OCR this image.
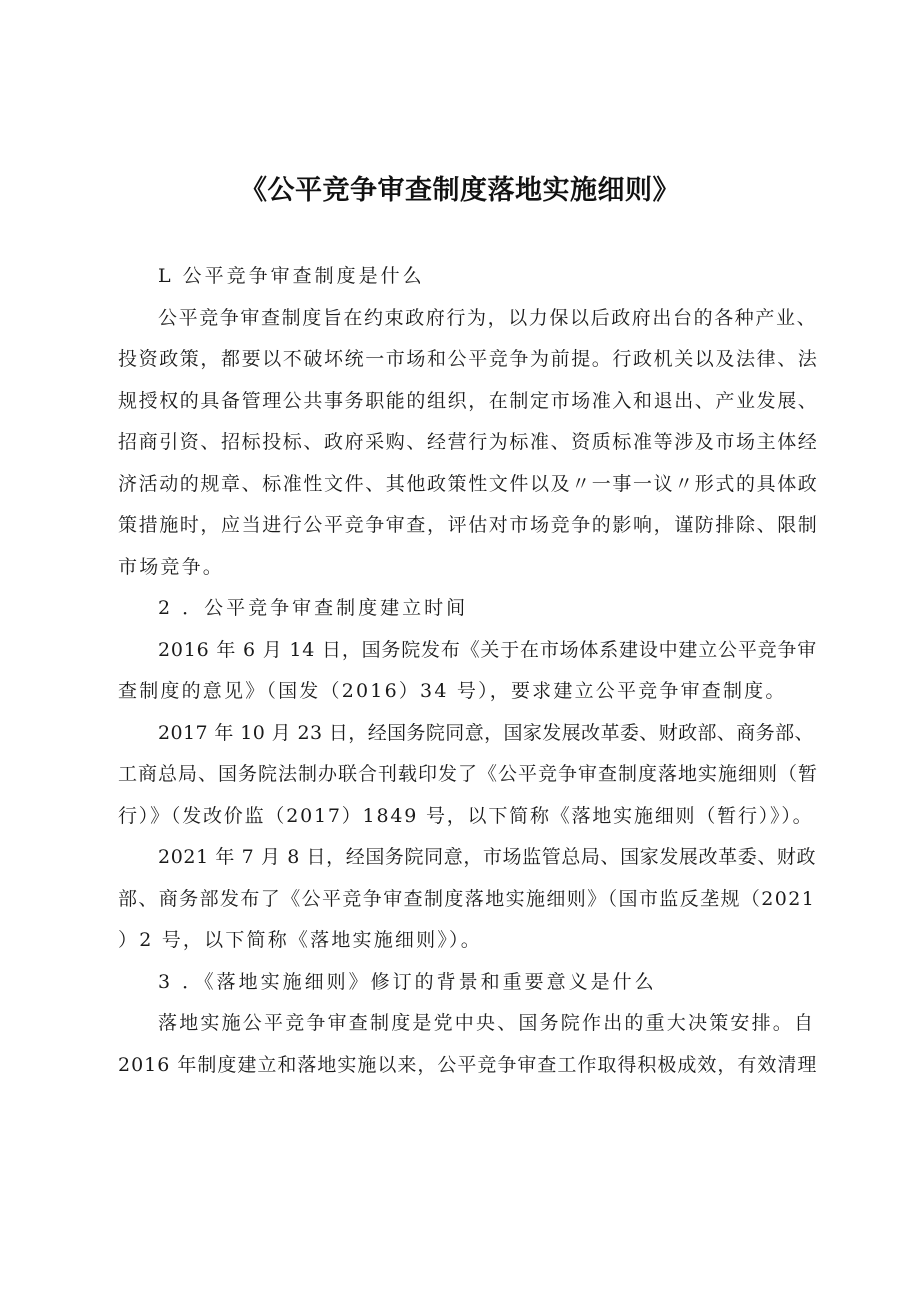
《公平竞争审查制度落地实施细则》
L 公平竞争审查制度是什么
公平竞争审查制度旨在约束政府行为，以力保以后政府出台的各种产业、
投资政策，都要以不破坏统一市场和公平竞争为前提。行政机关以及法律、法
规授权的具备管理公共事务职能的组织，在制定市场准入和退出、产业发展、
招商引资、招标投标、政府采购、经营行为标准、资质标准等涉及市场主体经
济活动的规章、标准性文件、其他政策性文件以及〃一事一议〃形式的具体政
策措施时，应当进行公平竞争审查，评估对市场竞争的影响，谨防排除、限制
市场竞争。
2 ．公平竞争审查制度建立时间
2016 年 6 月 14 日，国务院发布《关于在市场体系建设中建立公平竞争审
查制度的意见》（国发（2016）34 号），要求建立公平竞争审查制度。
2017 年 10 月 23 日，经国务院同意，国家发展改革委、财政部、商务部、
工商总局、国务院法制办联合刊载印发了《公平竞争审查制度落地实施细则（暂
行）》（发改价监（2017）1849 号，以下简称《落地实施细则（暂行）》）。
2021 年 7 月 8 日，经国务院同意，市场监管总局、国家发展改革委、财政
部、商务部发布了《公平竞争审查制度落地实施细则》（国市监反垄规（2021
）2 号，以下简称《落地实施细则》）。
3 ．《落地实施细则》修订的背景和重要意义是什么
落地实施公平竞争审查制度是党中央、国务院作出的重大决策安排。自
2016 年制度建立和落地实施以来，公平竞争审查工作取得积极成效，有效清理
